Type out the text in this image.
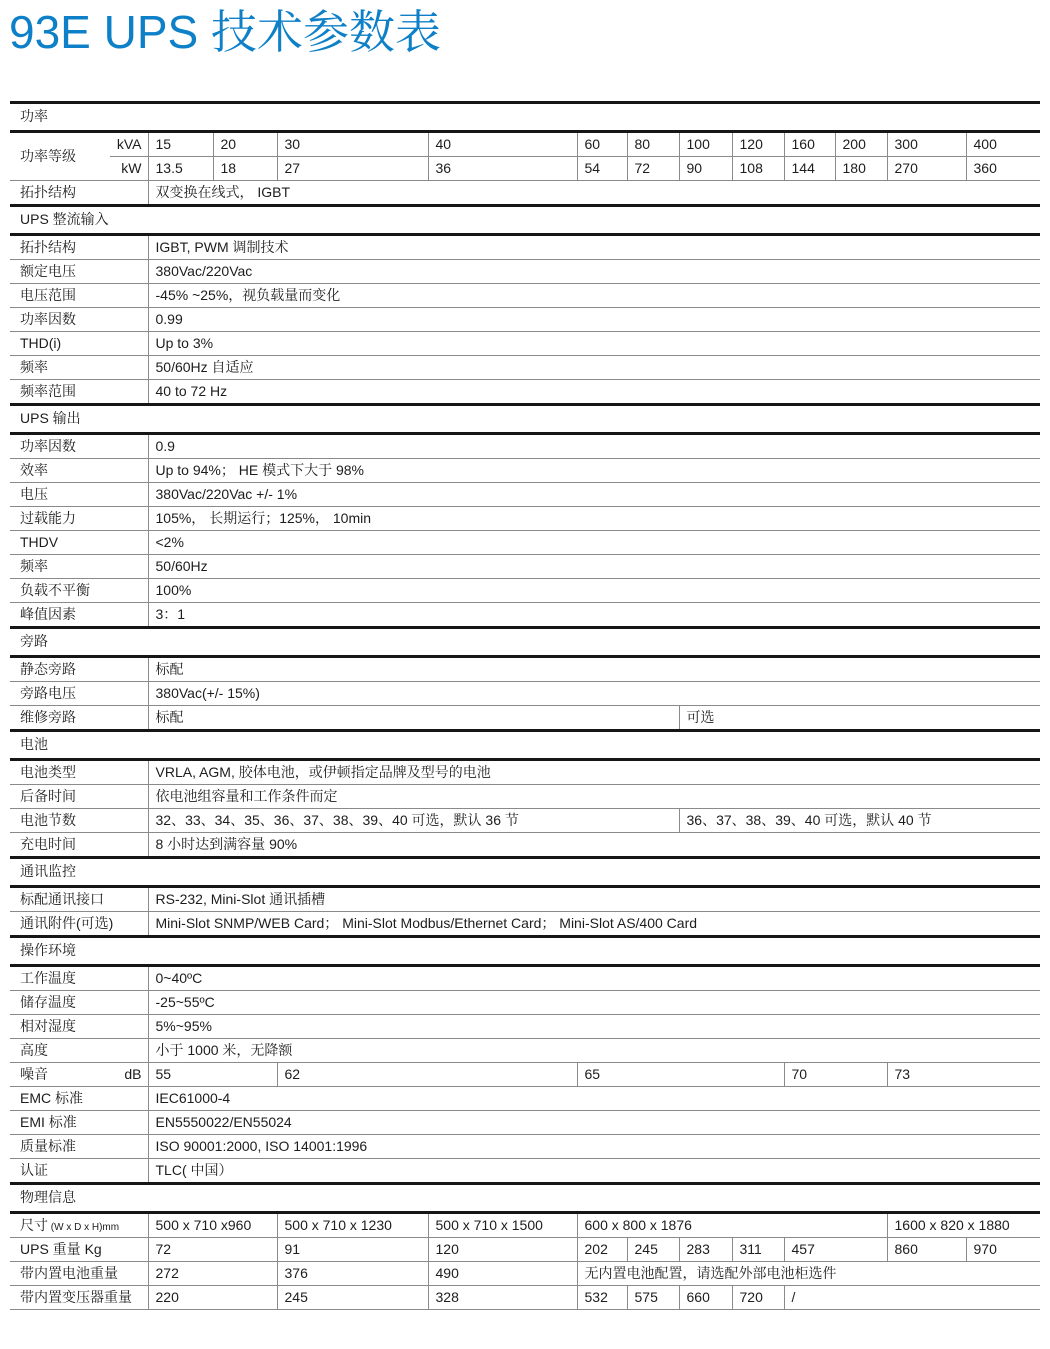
93E UPS 技术参数表
功率													
功率等级	kVA	15	20	30	40	60	80	100	120	160	200	300	400
	kW	13.5	18	27	36	54	72	90	108	144	180	270	360
拓扑结构		双变换在线式， IGBT											
UPS 整流输入													
拓扑结构		IGBT, PWM 调制技术											
额定电压		380Vac/220Vac											
电压范围		-45% ~25%，视负载量而变化											
功率因数		0.99											
THD(i)		Up to 3%											
频率		50/60Hz 自适应											
频率范围		40 to 72 Hz											
UPS 输出													
功率因数		0.9											
效率		Up to 94%； HE 模式下大于 98%											
电压		380Vac/220Vac +/- 1%											
过载能力		105%， 长期运行；125%， 10min											
THDV		<2%											
频率		50/60Hz											
负载不平衡		100%											
峰值因素		3：1											
旁路													
静态旁路		标配											
旁路电压		380Vac(+/- 15%)											
维修旁路		标配						可选					
电池													
电池类型		VRLA, AGM, 胶体电池，或伊顿指定品牌及型号的电池											
后备时间		依电池组容量和工作条件而定											
电池节数		32、33、34、35、36、37、38、39、40 可选，默认 36 节						36、37、38、39、40 可选，默认 40 节					
充电时间		8 小时达到满容量 90%											
通讯监控													
标配通讯接口		RS-232, Mini-Slot 通讯插槽											
通讯附件(可选)		Mini-Slot SNMP/WEB Card； Mini-Slot Modbus/Ethernet Card； Mini-Slot AS/400 Card											
操作环境													
工作温度		0~40ºC											
储存温度		-25~55ºC											
相对湿度		5%~95%											
高度		小于 1000 米，无降额											
噪音	dB	55		62		65				70		73	
EMC 标准		IEC61000-4											
EMI 标准		EN5550022/EN55024											
质量标准		ISO 90001:2000, ISO 14001:1996											
认证		TLC( 中国）											
物理信息													
尺寸 (W x D x H)mm		500 x 710 x960		500 x 710 x 1230	500 x 710 x 1500	600 x 800 x 1876						1600 x 820 x 1880	
UPS 重量 Kg		72		91	120	202	245	283	311	457		860	970
带内置电池重量		272		376	490	无内置电池配置，请选配外部电池柜选件							
带内置变压器重量		220		245	328	532	575	660	720	/			
